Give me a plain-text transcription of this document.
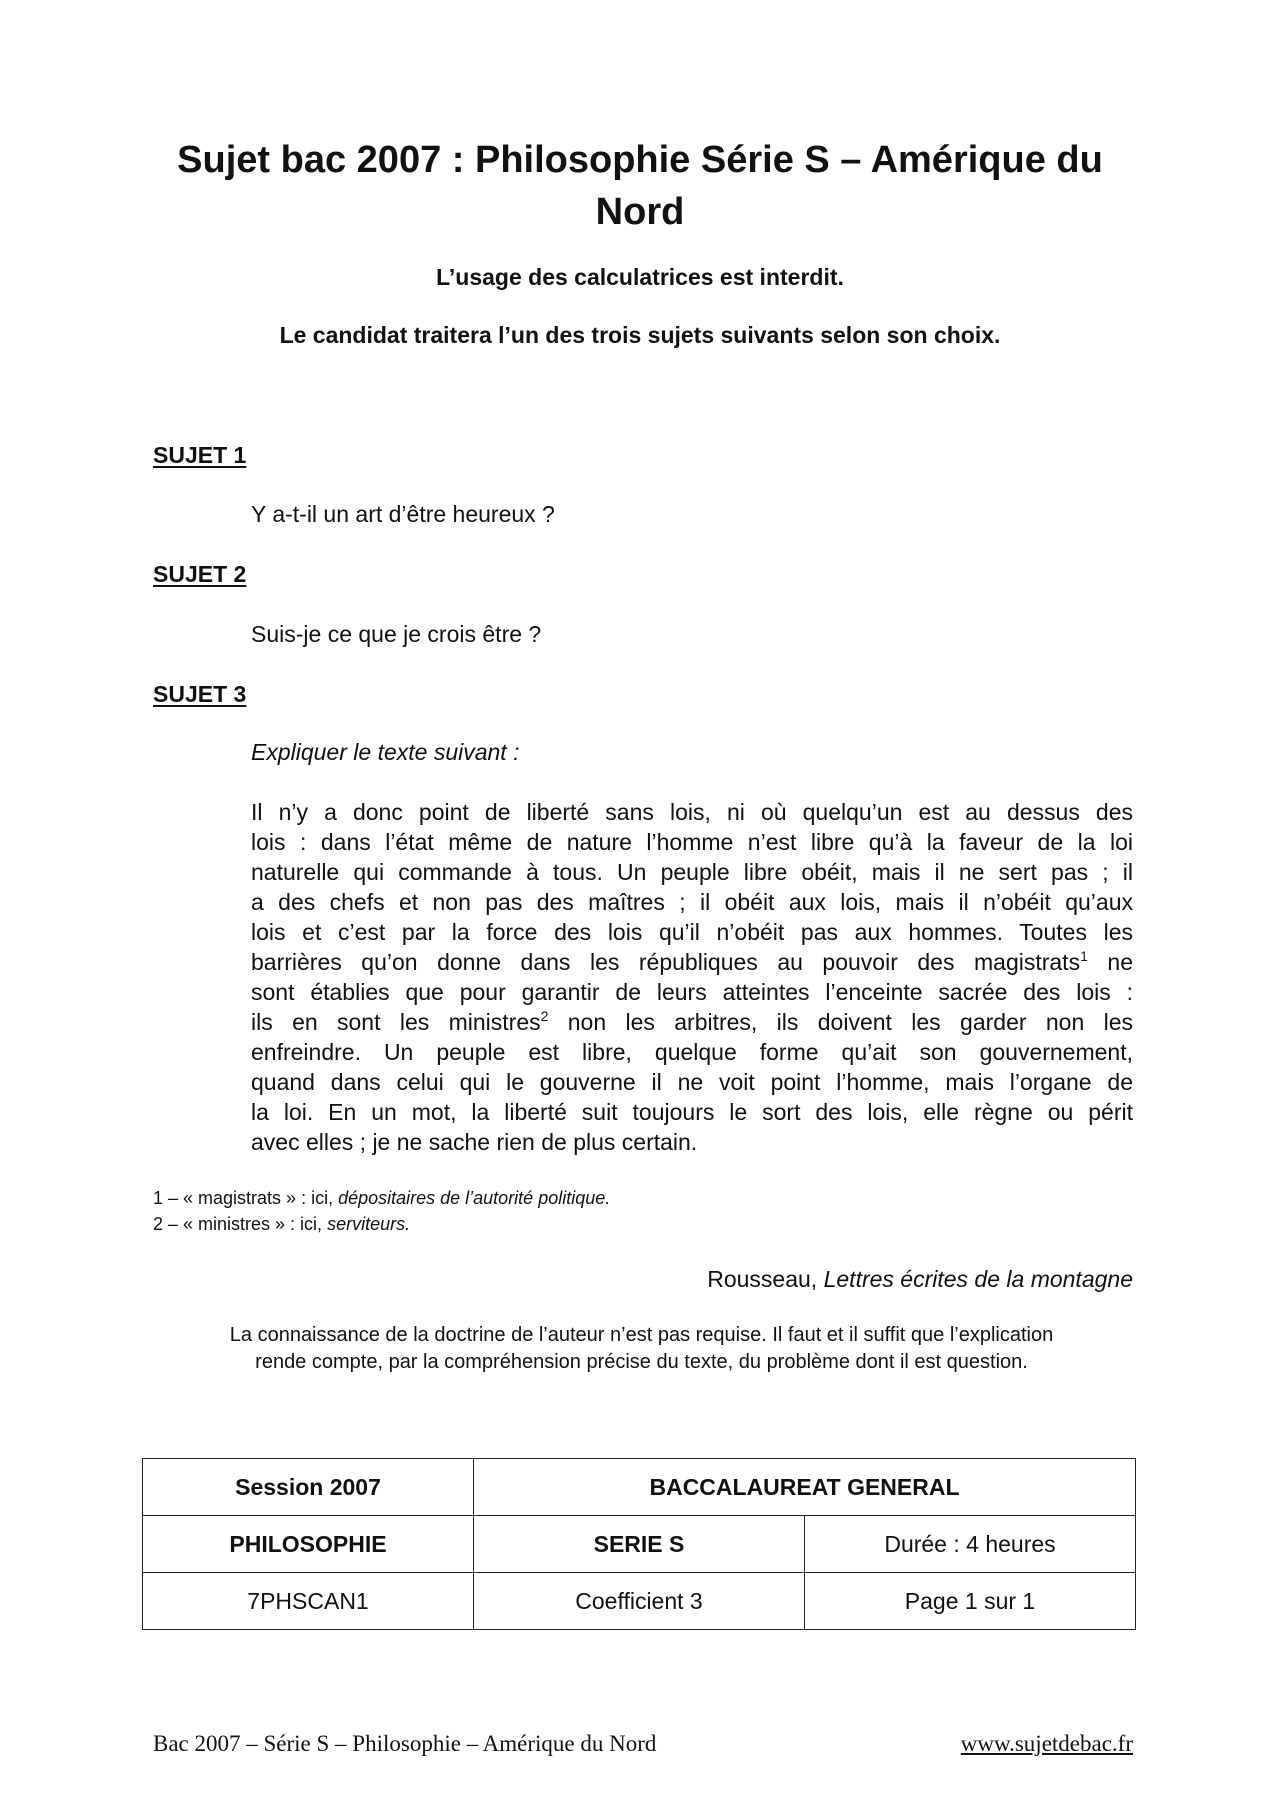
Sujet bac 2007 : Philosophie Série S – Amérique du
Nord
L’usage des calculatrices est interdit.
Le candidat traitera l’un des trois sujets suivants selon son choix.
SUJET 1
Y a-t-il un art d’être heureux ?
SUJET 2
Suis-je ce que je crois être ?
SUJET 3
Expliquer le texte suivant :
Il n’y a donc point de liberté sans lois, ni où quelqu’un est au dessus des
lois : dans l’état même de nature l’homme n’est libre qu’à la faveur de la loi
naturelle qui commande à tous. Un peuple libre obéit, mais il ne sert pas ; il
a des chefs et non pas des maîtres ; il obéit aux lois, mais il n’obéit qu’aux
lois et c’est par la force des lois qu’il n’obéit pas aux hommes. Toutes les
barrières qu’on donne dans les républiques au pouvoir des magistrats$^1$ ne
sont établies que pour garantir de leurs atteintes l’enceinte sacrée des lois :
ils en sont les ministres$^2$ non les arbitres, ils doivent les garder non les
enfreindre. Un peuple est libre, quelque forme qu’ait son gouvernement,
quand dans celui qui le gouverne il ne voit point l’homme, mais l’organe de
la loi. En un mot, la liberté suit toujours le sort des lois, elle règne ou périt
avec elles ; je ne sache rien de plus certain.
1 – « magistrats » : ici, dépositaires de l’autorité politique.
2 – « ministres » : ici, serviteurs.
Rousseau, Lettres écrites de la montagne
La connaissance de la doctrine de l’auteur n’est pas requise. Il faut et il suffit que l’explication
rende compte, par la compréhension précise du texte, du problème dont il est question.
Session 2007	BACCALAUREAT GENERAL	
PHILOSOPHIE	SERIE S	Durée : 4 heures
7PHSCAN1	Coefficient 3	Page 1 sur 1
Bac 2007 – Série S – Philosophie – Amérique du Nord	www.sujetdebac.fr
